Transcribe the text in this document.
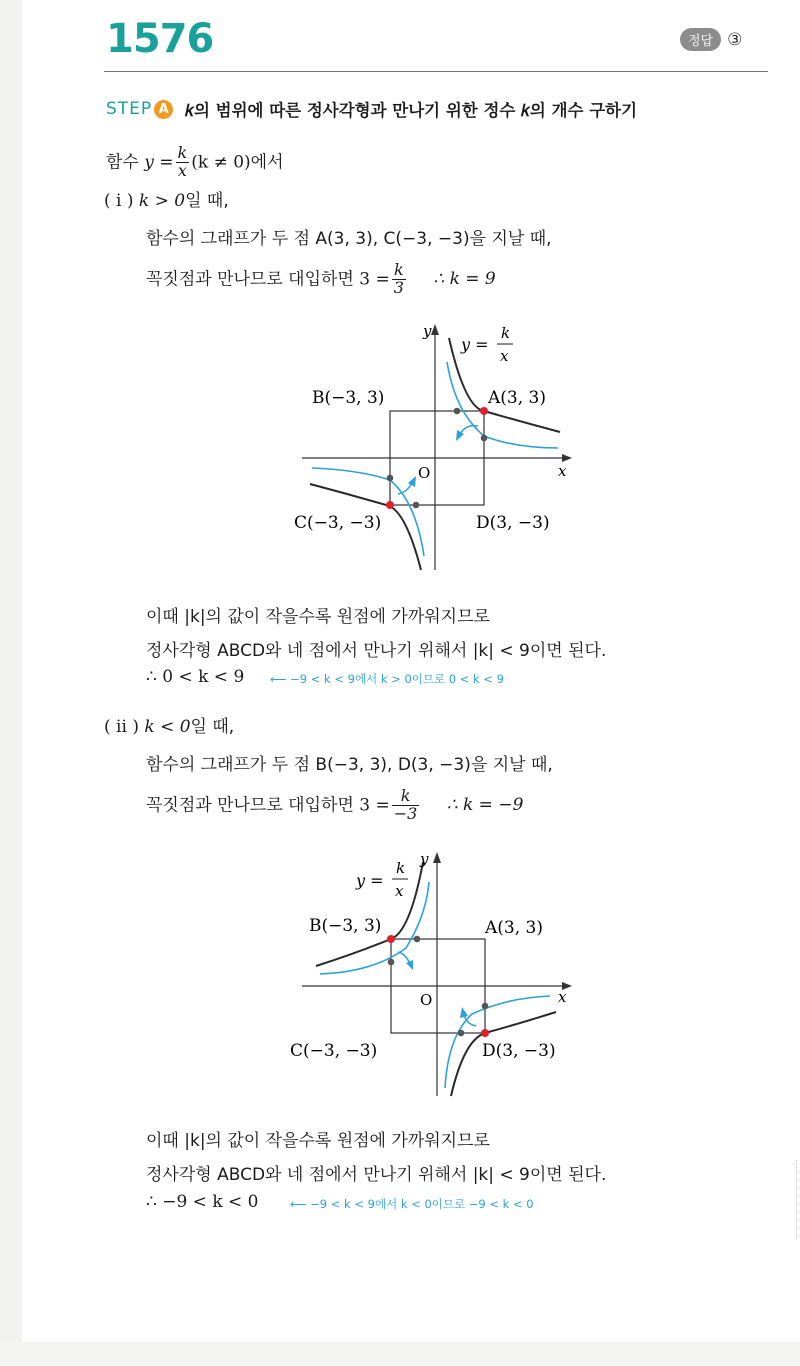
1576	정답 ③
STEP A 𝑘의 범위에 따른 정사각형과 만나기 위한 정수 𝑘의 개수 구하기
함수 $y = \frac{k}{x} (k \ne 0)$에서
( i ) k > 0일 때,
함수의 그래프가 두 점 A(3, 3), C(−3, −3)을 지날 때,
꼭짓점과 만나므로 대입하면 $3 = \frac{k}{3}$ ∴ k = 9
y
x
O
y =
k
x
A(3, 3)
B(−3, 3)
C(−3, −3)	D(3, −3)
이때 |k|의 값이 작을수록 원점에 가까워지므로
정사각형 ABCD와 네 점에서 만나기 위해서 |k| < 9이면 된다.
∴ 0 < k < 9 ⟵ −9 < k < 9에서 k > 0이므로 0 < k < 9
( ii ) k < 0일 때,
함수의 그래프가 두 점 B(−3, 3), D(3, −3)을 지날 때,
꼭짓점과 만나므로 대입하면 $3 = \frac{k}{-3}$ ∴ k = −9
y
x
O
y =
k
x
B(−3, 3)	A(3, 3)
C(−3, −3)	D(3, −3)
이때 |k|의 값이 작을수록 원점에 가까워지므로
정사각형 ABCD와 네 점에서 만나기 위해서 |k| < 9이면 된다.
∴ −9 < k < 0	⟵ −9 < k < 9에서 k < 0이므로 −9 < k < 0
